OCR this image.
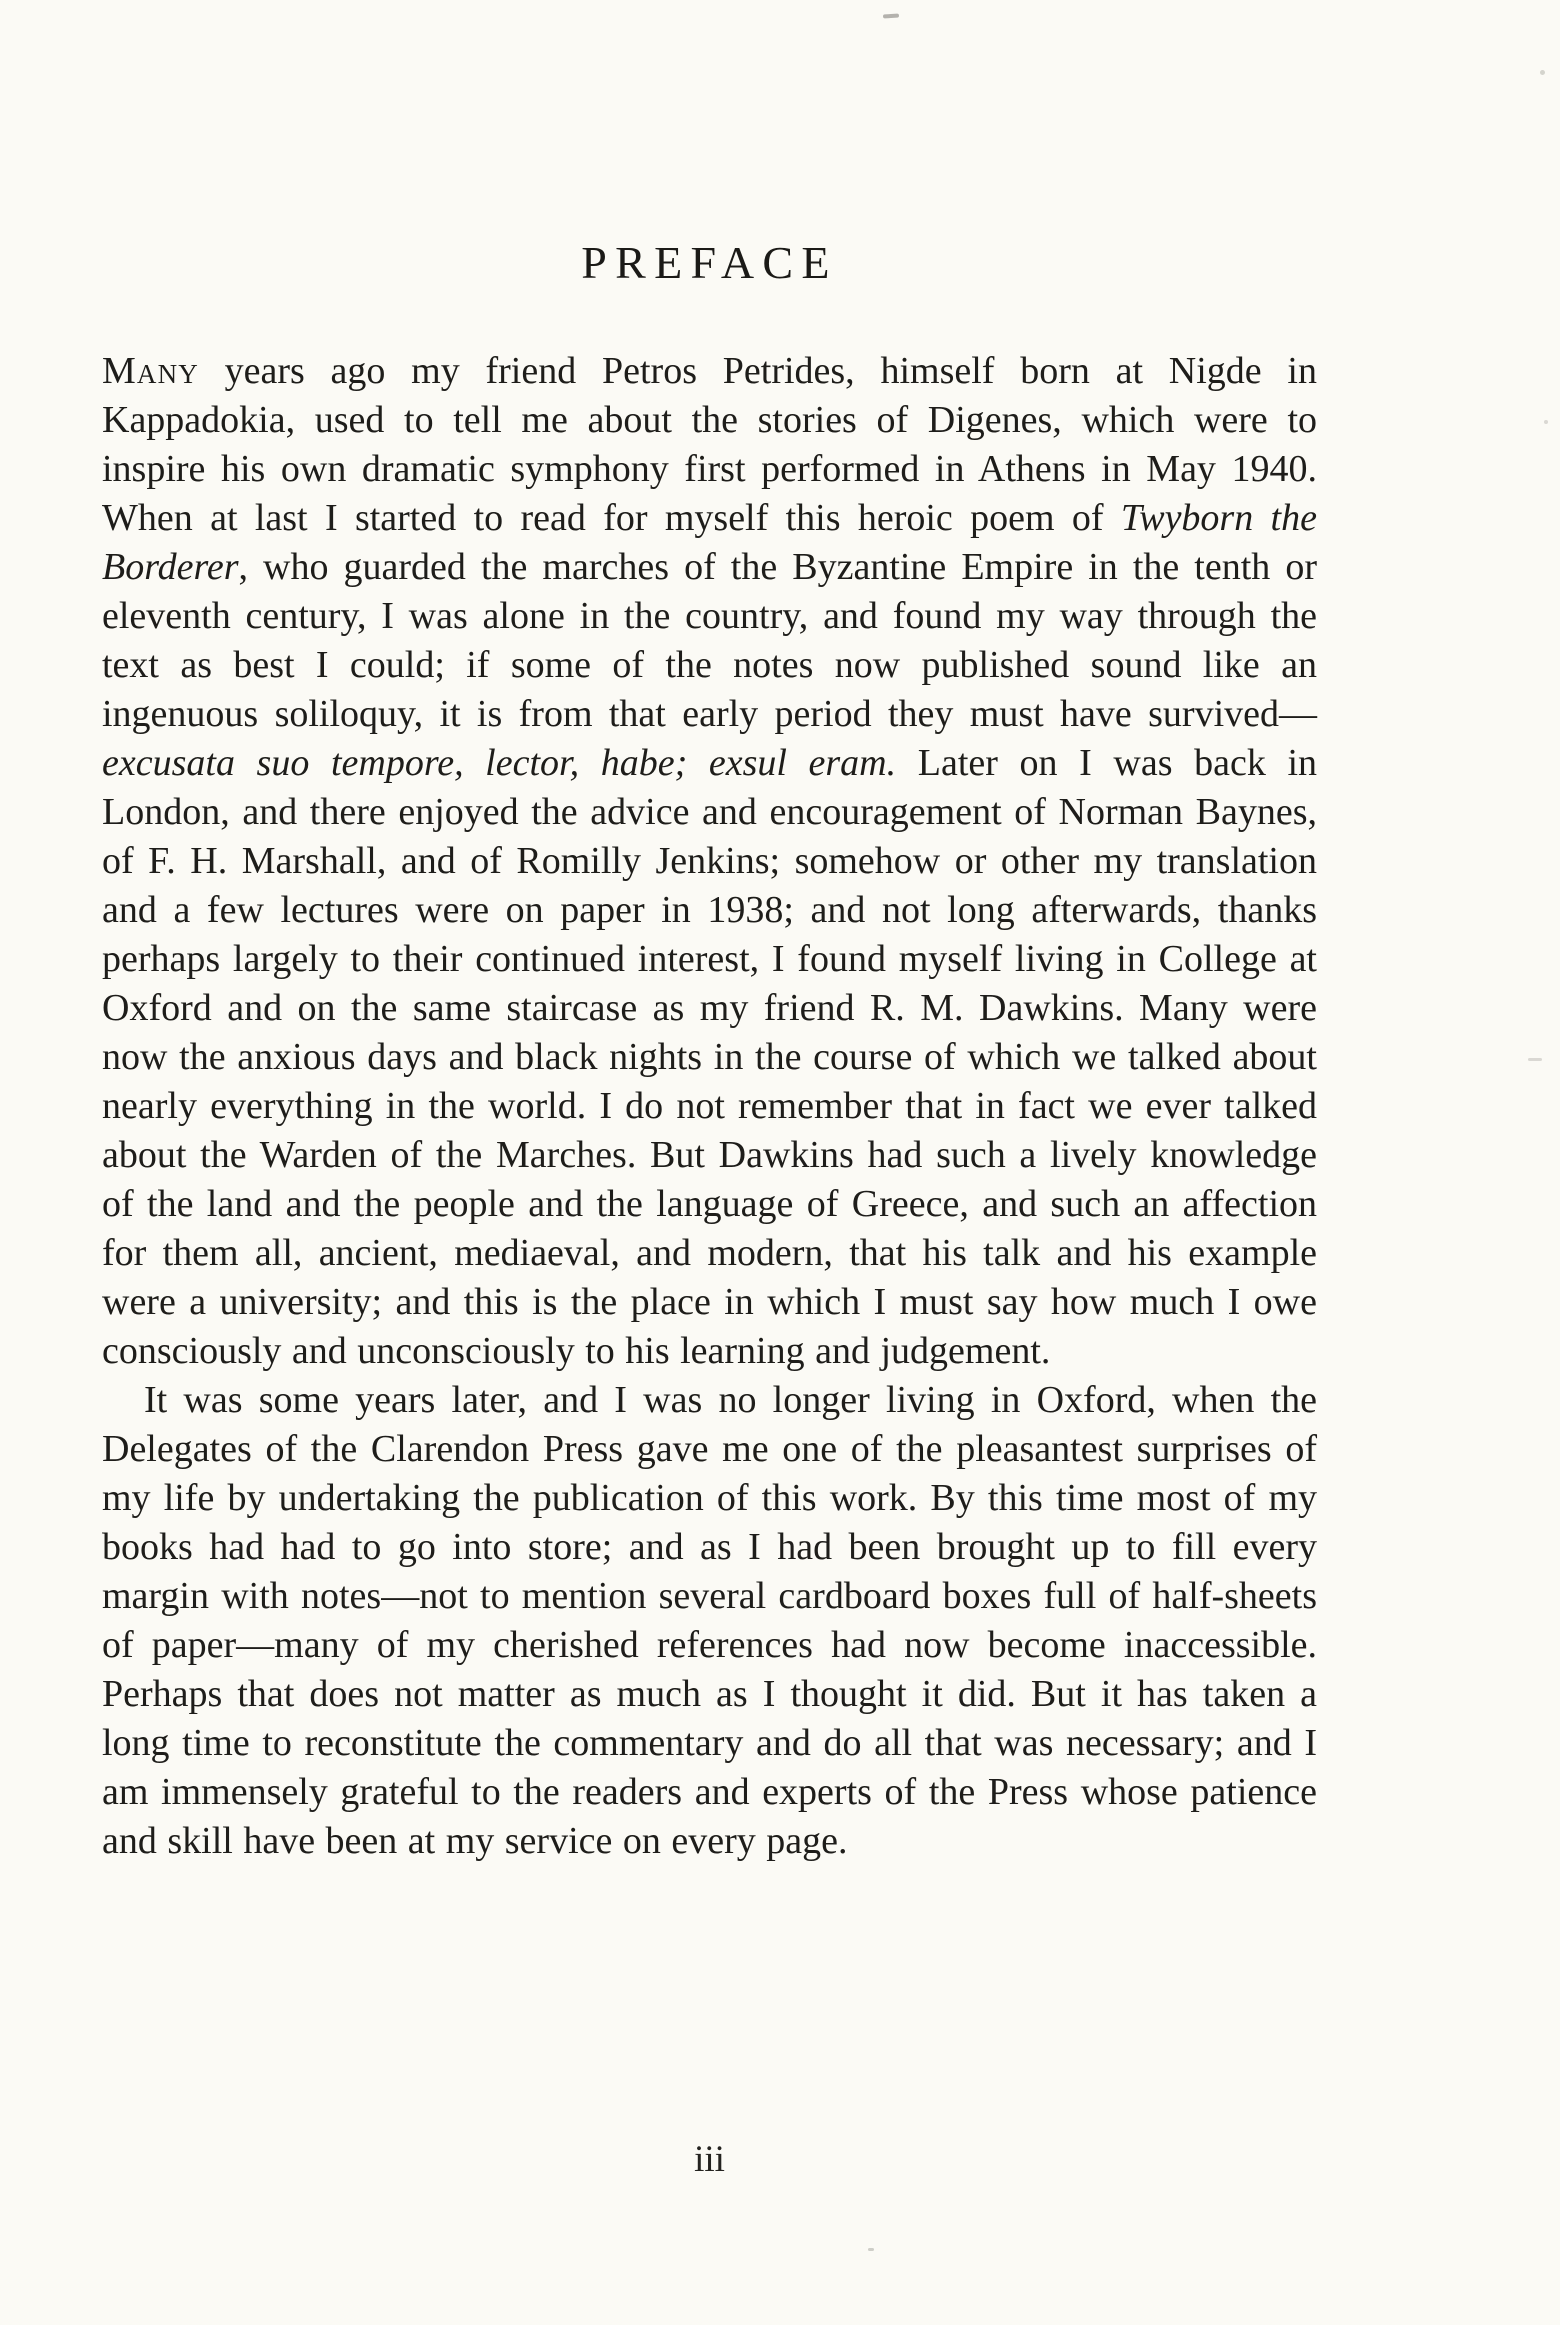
PREFACE

Many years ago my friend Petros Petrides, himself born at Nigde in Kappadokia, used to tell me about the stories of Digenes, which were to inspire his own dramatic symphony first performed in Athens in May 1940. When at last I started to read for myself this heroic poem of Twyborn the Borderer, who guarded the marches of the Byzantine Empire in the tenth or eleventh century, I was alone in the country, and found my way through the text as best I could; if some of the notes now published sound like an ingenuous soliloquy, it is from that early period they must have survived—excusata suo tempore, lector, habe; exsul eram. Later on I was back in London, and there enjoyed the advice and encouragement of Norman Baynes, of F. H. Marshall, and of Romilly Jenkins; somehow or other my translation and a few lectures were on paper in 1938; and not long afterwards, thanks perhaps largely to their continued interest, I found myself living in College at Oxford and on the same staircase as my friend R. M. Dawkins. Many were now the anxious days and black nights in the course of which we talked about nearly everything in the world. I do not remember that in fact we ever talked about the Warden of the Marches. But Dawkins had such a lively knowledge of the land and the people and the language of Greece, and such an affection for them all, ancient, mediaeval, and modern, that his talk and his example were a university; and this is the place in which I must say how much I owe consciously and unconsciously to his learning and judgement.

It was some years later, and I was no longer living in Oxford, when the Delegates of the Clarendon Press gave me one of the pleasantest surprises of my life by undertaking the publication of this work. By this time most of my books had had to go into store; and as I had been brought up to fill every margin with notes—not to mention several cardboard boxes full of half-sheets of paper—many of my cherished references had now become inaccessible. Perhaps that does not matter as much as I thought it did. But it has taken a long time to reconstitute the commentary and do all that was necessary; and I am immensely grateful to the readers and experts of the Press whose patience and skill have been at my service on every page.

iii
